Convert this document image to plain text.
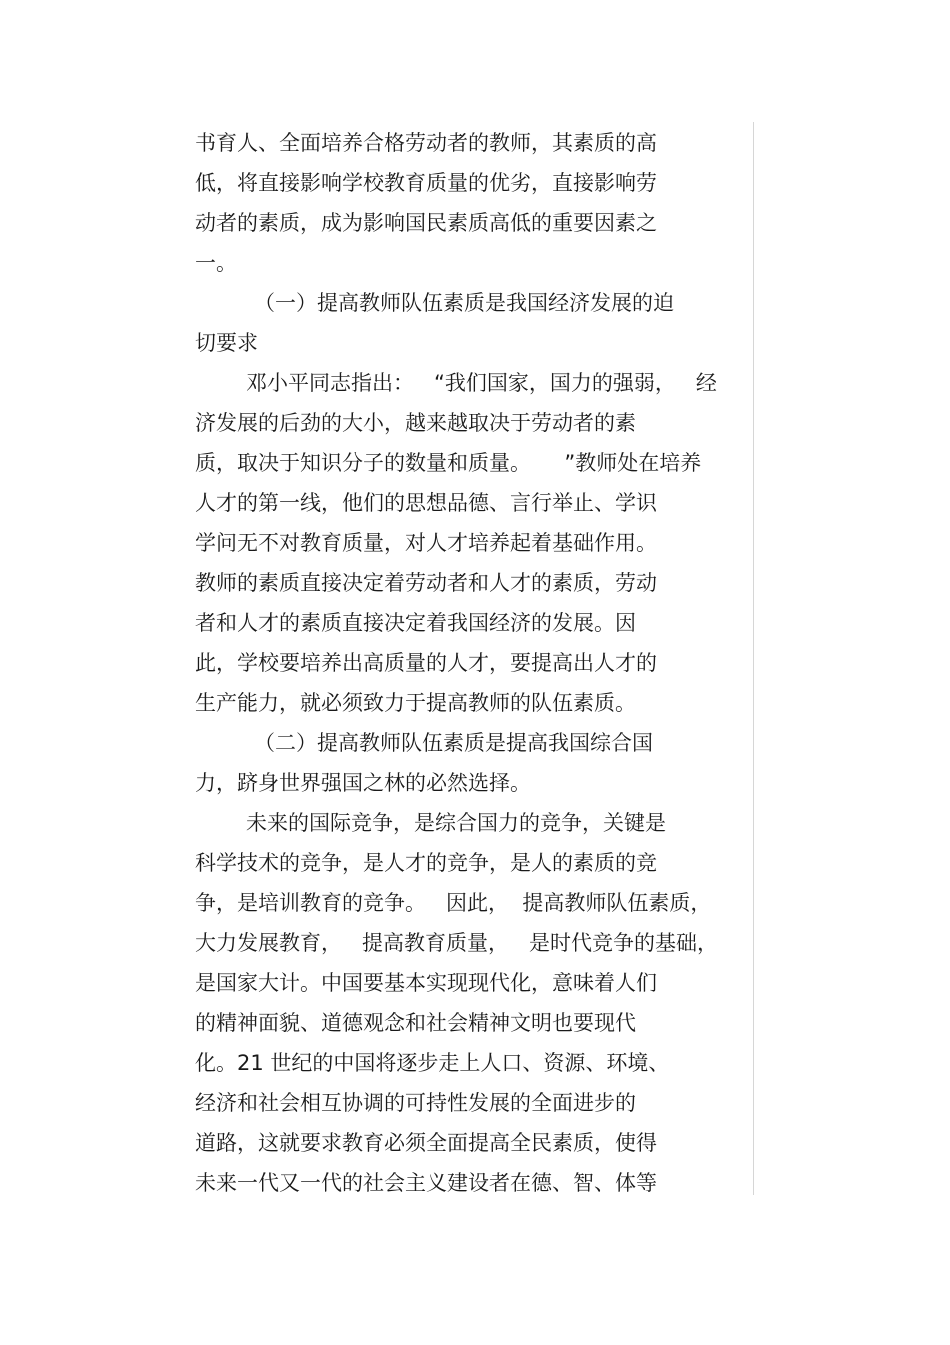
书育人、全面培养合格劳动者的教师，其素质的高
低，将直接影响学校教育质量的优劣，直接影响劳
动者的素质，成为影响国民素质高低的重要因素之
一。
（一）提高教师队伍素质是我国经济发展的迫
切要求
邓小平同志指出：   “我们国家，国力的强弱，   经
济发展的后劲的大小，越来越取决于劳动者的素
质，取决于知识分子的数量和质量。     ”教师处在培养
人才的第一线，他们的思想品德、言行举止、学识
学问无不对教育质量，对人才培养起着基础作用。
教师的素质直接决定着劳动者和人才的素质，劳动
者和人才的素质直接决定着我国经济的发展。因
此，学校要培养出高质量的人才，要提高出人才的
生产能力，就必须致力于提高教师的队伍素质。
（二）提高教师队伍素质是提高我国综合国
力，跻身世界强国之林的必然选择。
未来的国际竞争，是综合国力的竞争，关键是
科学技术的竞争，是人才的竞争，是人的素质的竞
争，是培训教育的竞争。   因此，  提高教师队伍素质，
大力发展教育，   提高教育质量，   是时代竞争的基础，
是国家大计。中国要基本实现现代化，意味着人们
的精神面貌、道德观念和社会精神文明也要现代
化。21 世纪的中国将逐步走上人口、资源、环境、
经济和社会相互协调的可持性发展的全面进步的
道路，这就要求教育必须全面提高全民素质，使得
未来一代又一代的社会主义建设者在德、智、体等
